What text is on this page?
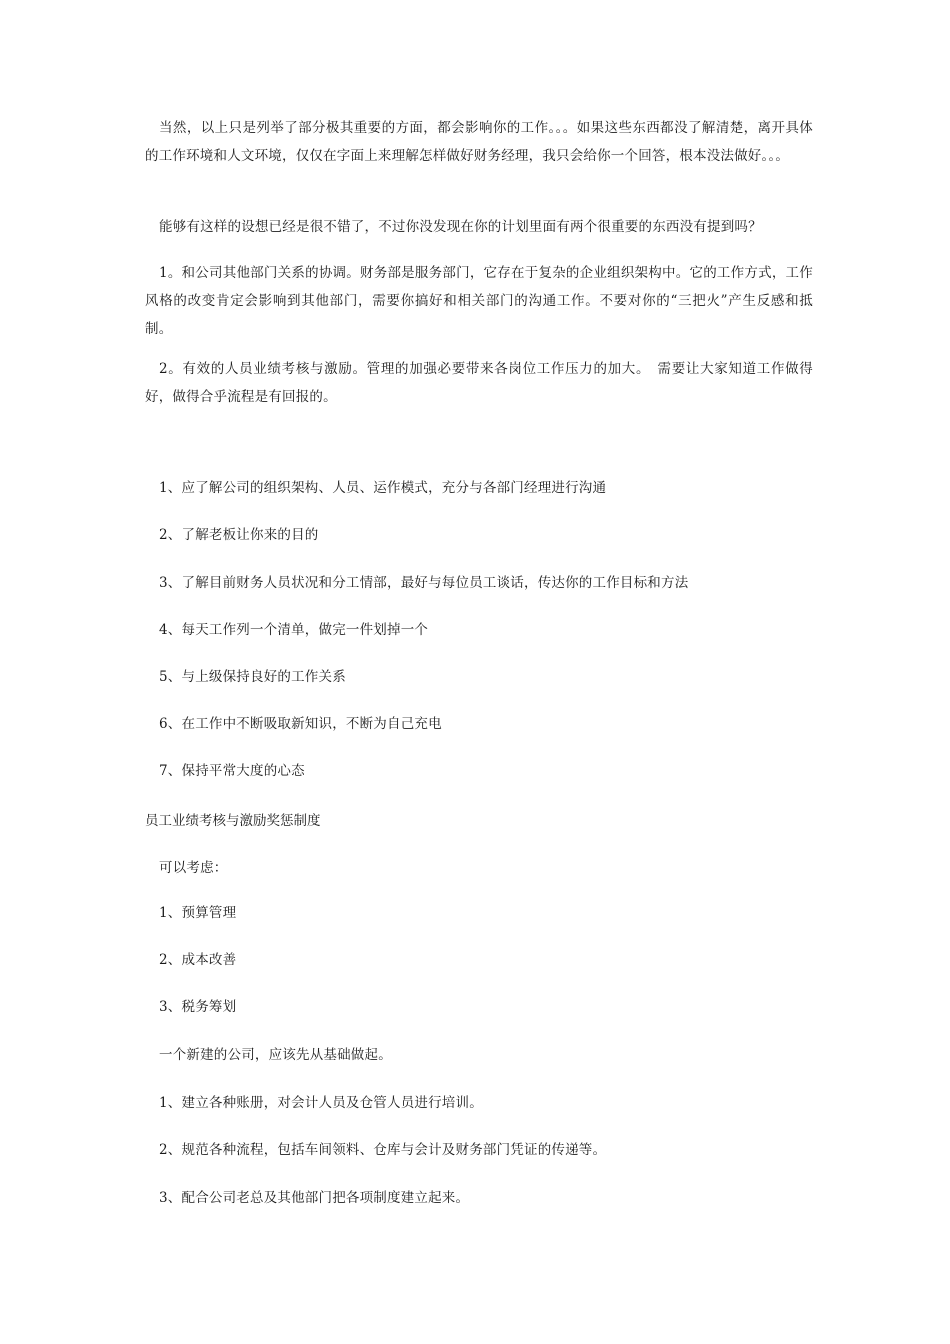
当然，以上只是列举了部分极其重要的方面，都会影响你的工作。。。如果这些东西都没了解清楚，离开具体的工作环境和人文环境，仅仅在字面上来理解怎样做好财务经理，我只会给你一个回答，根本没法做好。。。

能够有这样的设想已经是很不错了，不过你没发现在你的计划里面有两个很重要的东西没有提到吗？

1。和公司其他部门关系的协调。财务部是服务部门，它存在于复杂的企业组织架构中。它的工作方式，工作风格的改变肯定会影响到其他部门，需要你搞好和相关部门的沟通工作。不要对你的“三把火”产生反感和抵制。

2。有效的人员业绩考核与激励。管理的加强必要带来各岗位工作压力的加大。　需要让大家知道工作做得好，做得合乎流程是有回报的。

1、应了解公司的组织架构、人员、运作模式，充分与各部门经理进行沟通

2、了解老板让你来的目的

3、了解目前财务人员状况和分工情部，最好与每位员工谈话，传达你的工作目标和方法

4、每天工作列一个清单，做完一件划掉一个

5、与上级保持良好的工作关系

6、在工作中不断吸取新知识，不断为自己充电

7、保持平常大度的心态

员工业绩考核与激励奖惩制度

可以考虑：

1、预算管理

2、成本改善

3、税务筹划

一个新建的公司，应该先从基础做起。

1、建立各种账册，对会计人员及仓管人员进行培训。

2、规范各种流程，包括车间领料、仓库与会计及财务部门凭证的传递等。

3、配合公司老总及其他部门把各项制度建立起来。
